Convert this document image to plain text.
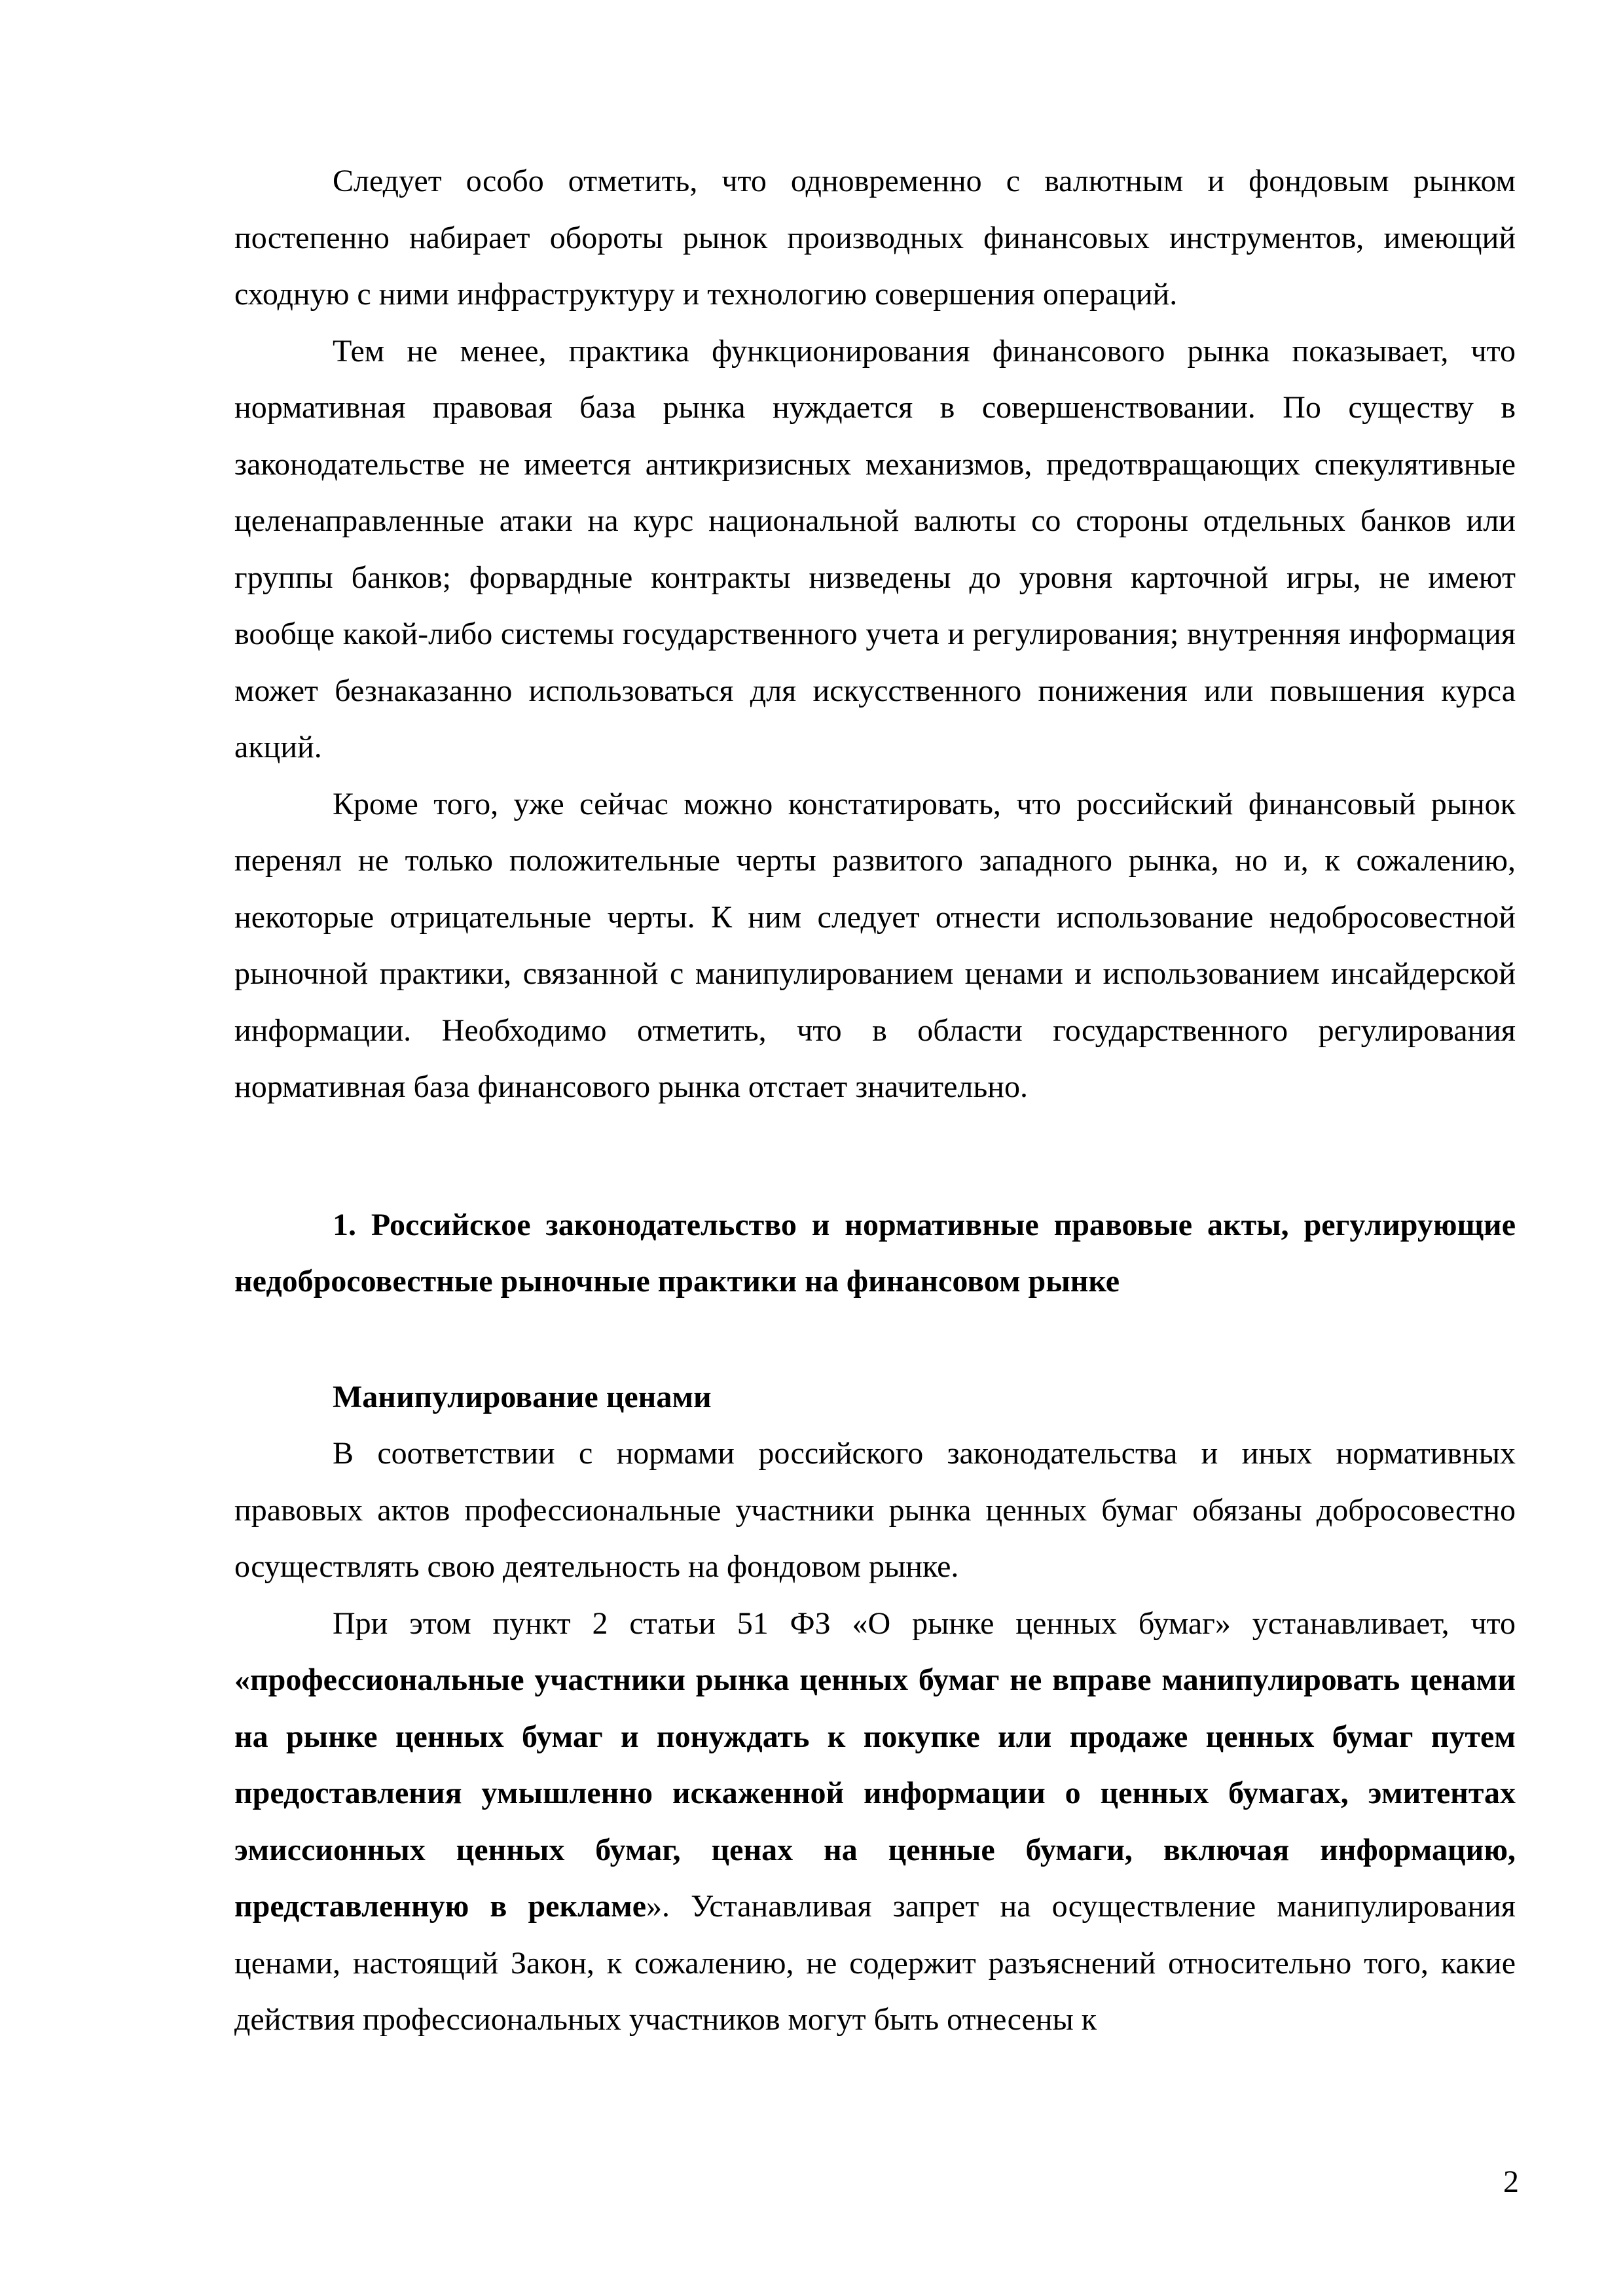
Следует особо отметить, что одновременно с валютным и фондовым рынком постепенно набирает обороты рынок производных финансовых инструментов, имеющий сходную с ними инфраструктуру и технологию совершения операций.

Тем не менее, практика функционирования финансового рынка показывает, что нормативная правовая база рынка нуждается в совершенствовании. По существу в законодательстве не имеется антикризисных механизмов, предотвращающих спекулятивные целенаправленные атаки на курс национальной валюты со стороны отдельных банков или группы банков; форвардные контракты низведены до уровня карточной игры, не имеют вообще какой-либо системы государственного учета и регулирования; внутренняя информация может безнаказанно использоваться для искусственного понижения или повышения курса акций.

Кроме того, уже сейчас можно констатировать, что российский финансовый рынок перенял не только положительные черты развитого западного рынка, но и, к сожалению, некоторые отрицательные черты. К ним следует отнести использование недобросовестной рыночной практики, связанной с манипулированием ценами и использованием инсайдерской информации. Необходимо отметить, что в области государственного регулирования нормативная база финансового рынка отстает значительно.

1. Российское законодательство и нормативные правовые акты, регулирующие недобросовестные рыночные практики на финансовом рынке

Манипулирование ценами

В соответствии с нормами российского законодательства и иных нормативных правовых актов профессиональные участники рынка ценных бумаг обязаны добросовестно осуществлять свою деятельность на фондовом рынке.

При этом пункт 2 статьи 51 ФЗ «О рынке ценных бумаг» устанавливает, что «профессиональные участники рынка ценных бумаг не вправе манипулировать ценами на рынке ценных бумаг и понуждать к покупке или продаже ценных бумаг путем предоставления умышленно искаженной информации о ценных бумагах, эмитентах эмиссионных ценных бумаг, ценах на ценные бумаги, включая информацию, представленную в рекламе». Устанавливая запрет на осуществление манипулирования ценами, настоящий Закон, к сожалению, не содержит разъяснений относительно того, какие действия профессиональных участников могут быть отнесены к

2
